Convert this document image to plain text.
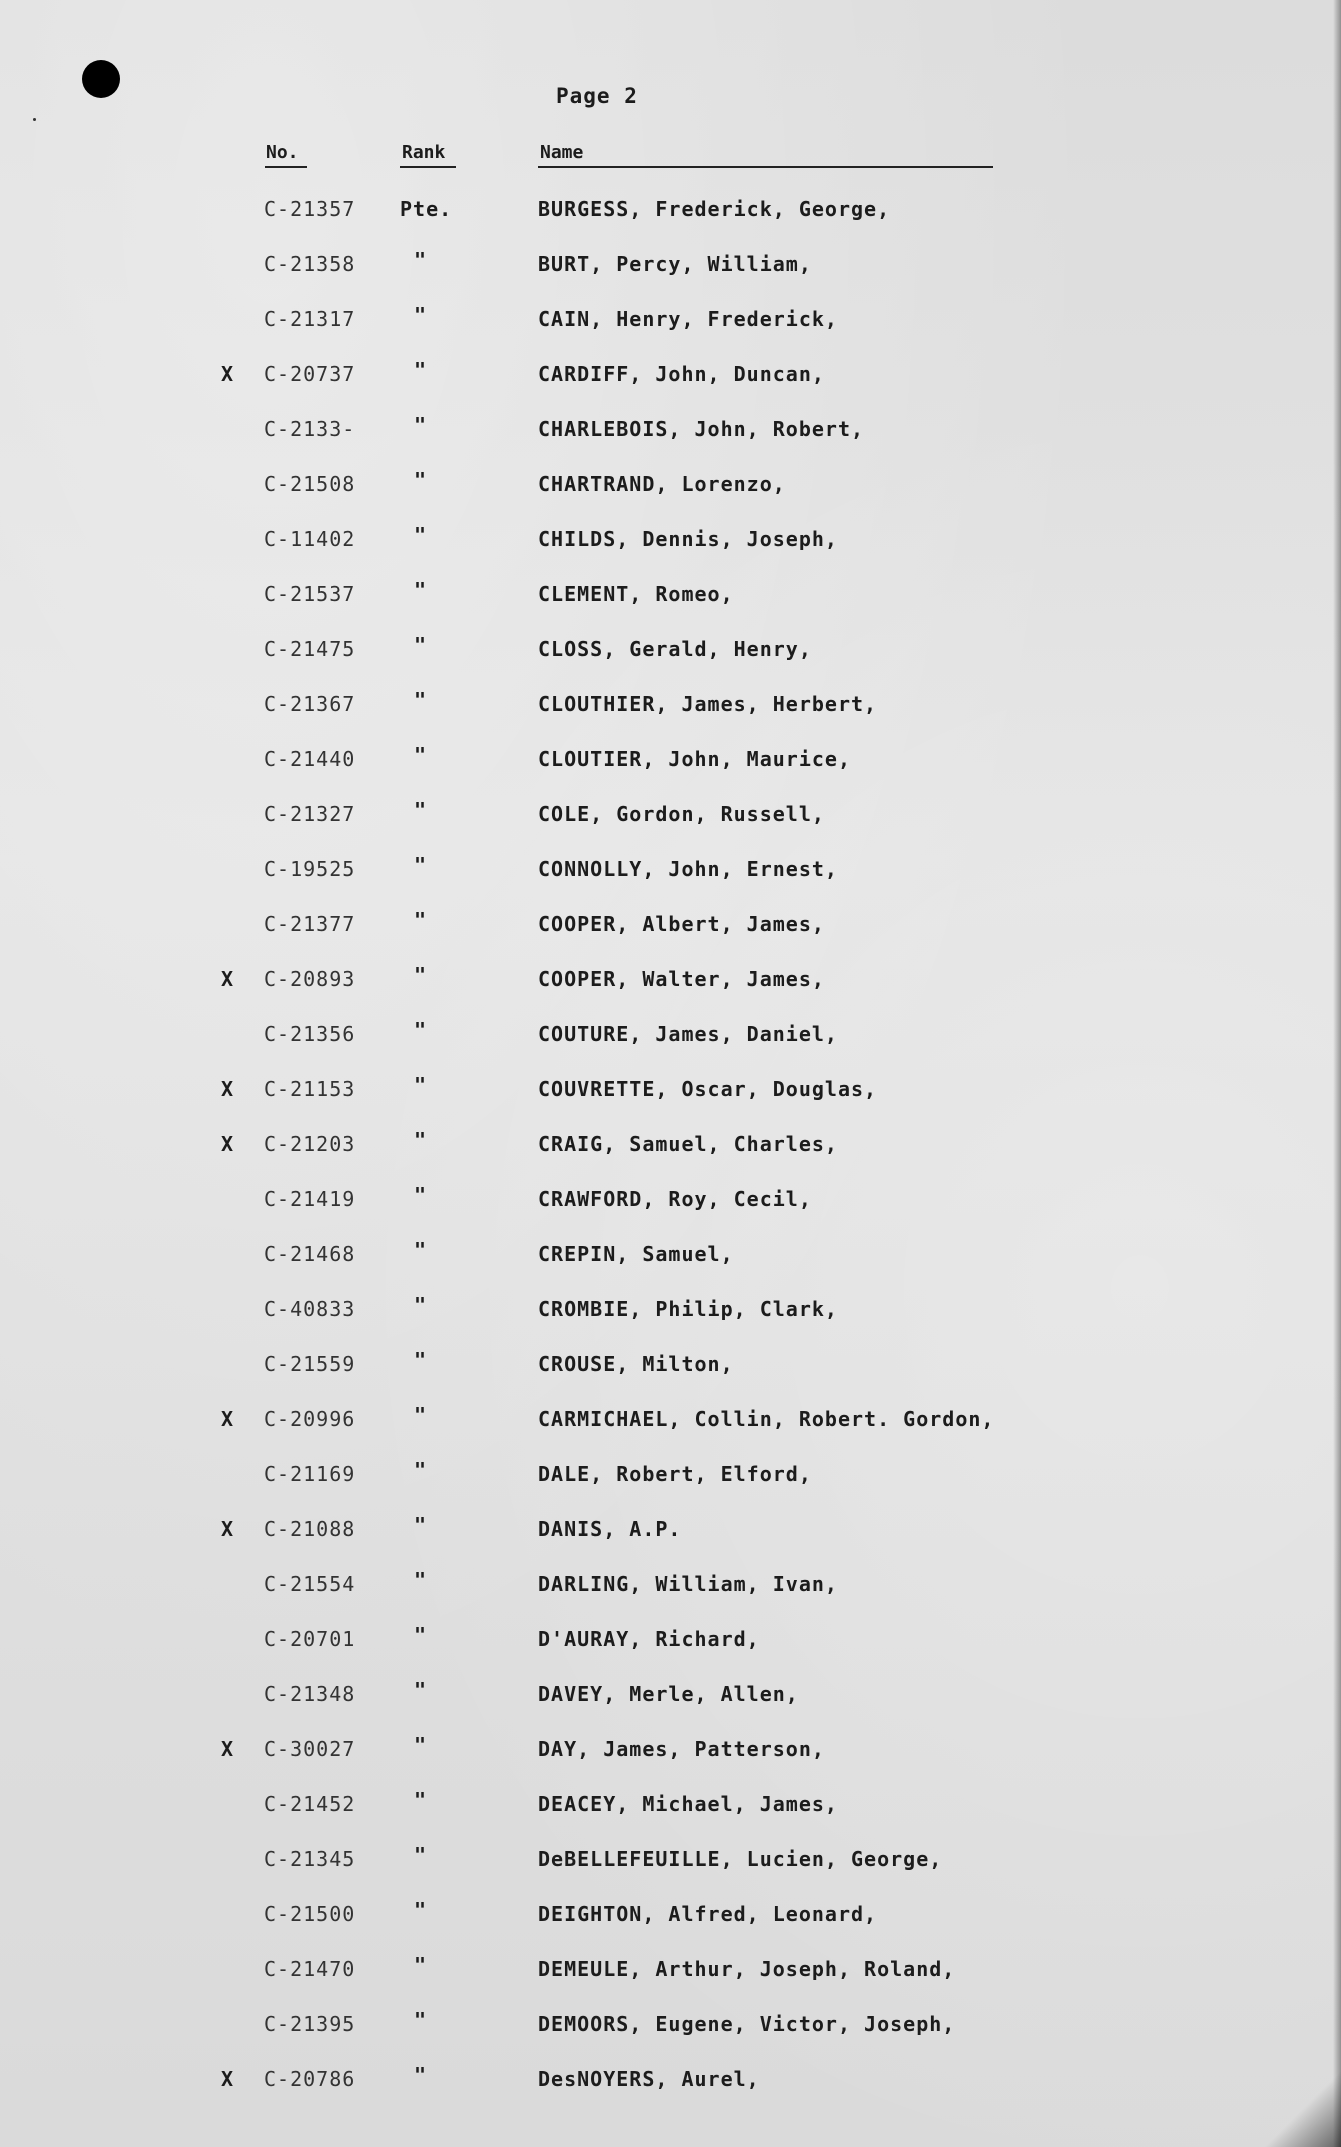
Page 2
No.	Rank	Name
C-21357 Pte.	BURGESS, Frederick, George,
C-21358	"	BURT, Percy, William,
C-21317	"	CAIN, Henry, Frederick,
X C-20737	"	CARDIFF, John, Duncan,
C-2133-	"	CHARLEBOIS, John, Robert,
C-21508	"	CHARTRAND, Lorenzo,
C-11402	"	CHILDS, Dennis, Joseph,
C-21537	"	CLEMENT, Romeo,
C-21475	"	CLOSS, Gerald, Henry,
C-21367	"	CLOUTHIER, James, Herbert,
C-21440	"	CLOUTIER, John, Maurice,
C-21327	"	COLE, Gordon, Russell,
C-19525	"	CONNOLLY, John, Ernest,
C-21377	"	COOPER, Albert, James,
X C-20893	"	COOPER, Walter, James,
C-21356	"	COUTURE, James, Daniel,
X C-21153	"	COUVRETTE, Oscar, Douglas,
X C-21203	"	CRAIG, Samuel, Charles,
C-21419	"	CRAWFORD, Roy, Cecil,
C-21468	"	CREPIN, Samuel,
C-40833	"	CROMBIE, Philip, Clark,
C-21559	"	CROUSE, Milton,
X C-20996	"	CARMICHAEL, Collin, Robert. Gordon,
C-21169	"	DALE, Robert, Elford,
X C-21088	"	DANIS, A.P.
C-21554	"	DARLING, William, Ivan,
C-20701	"	D'AURAY, Richard,
C-21348	"	DAVEY, Merle, Allen,
X C-30027	"	DAY, James, Patterson,
C-21452	"	DEACEY, Michael, James,
C-21345	"	DeBELLEFEUILLE, Lucien, George,
C-21500	"	DEIGHTON, Alfred, Leonard,
C-21470	"	DEMEULE, Arthur, Joseph, Roland,
C-21395	"	DEMOORS, Eugene, Victor, Joseph,
X C-20786	"	DesNOYERS, Aurel,
